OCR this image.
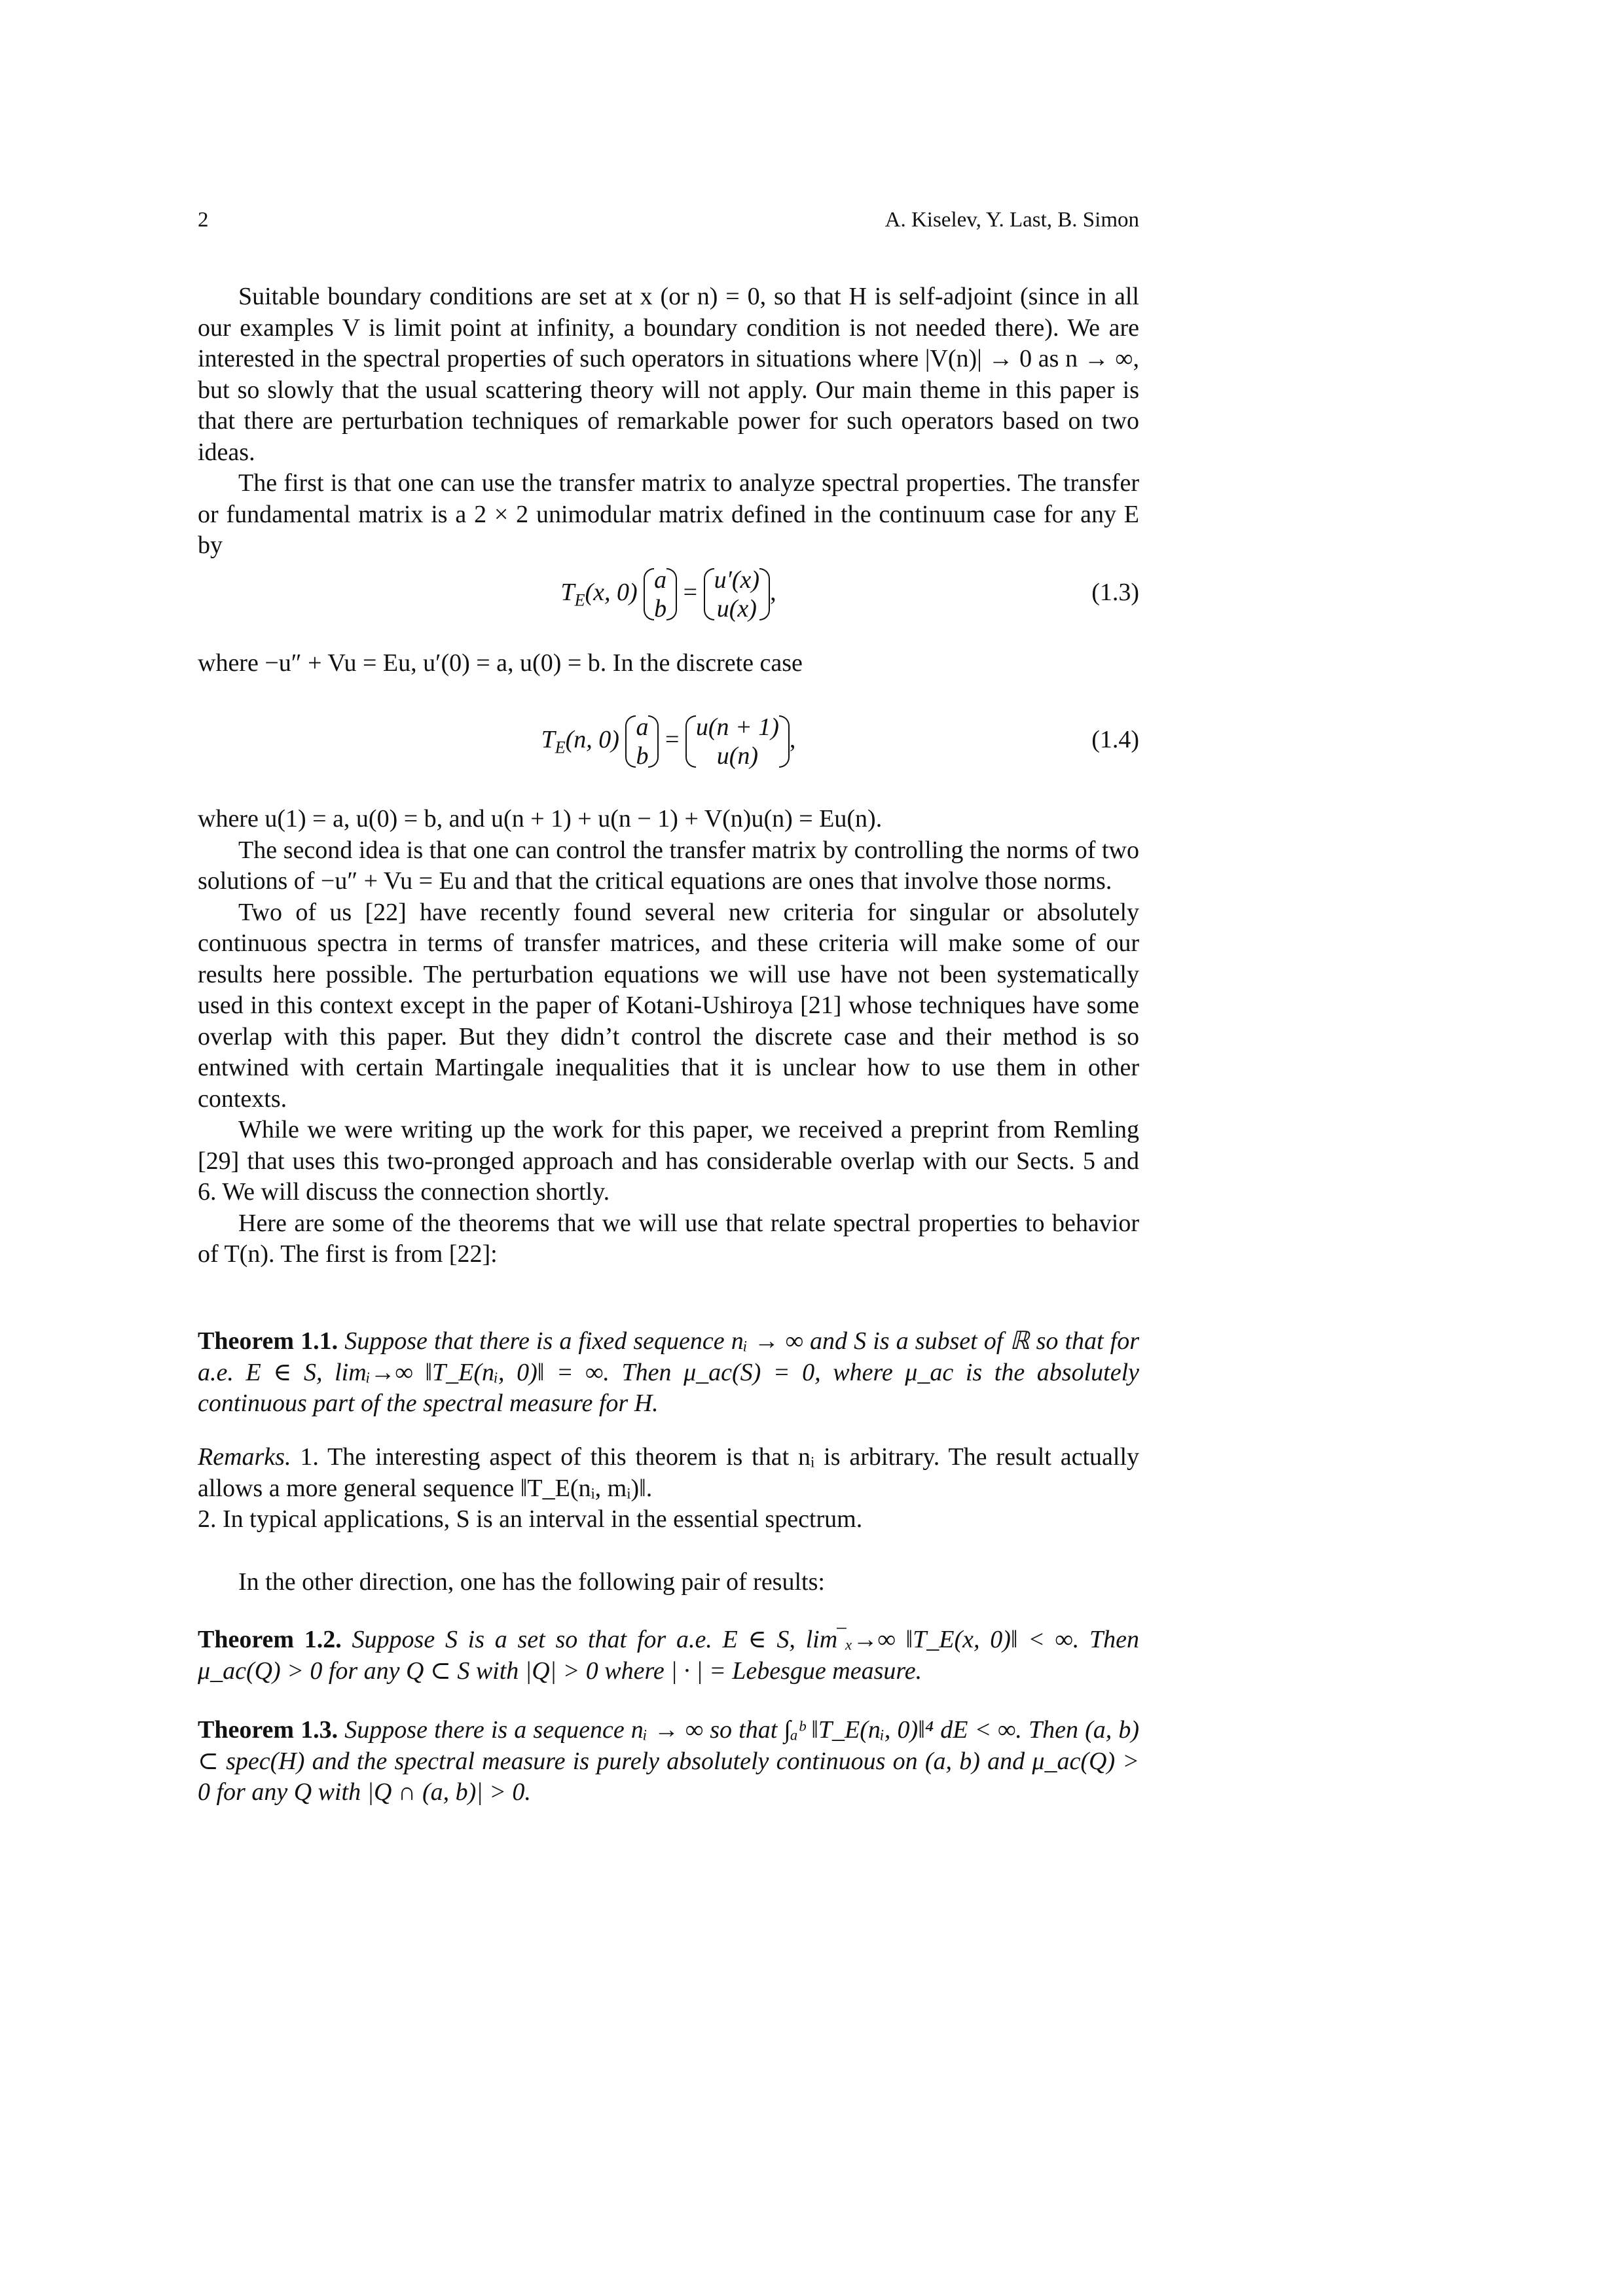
2	A. Kiselev, Y. Last, B. Simon

Suitable boundary conditions are set at x (or n) = 0, so that H is self-adjoint (since in all our examples V is limit point at infinity, a boundary condition is not needed there). We are interested in the spectral properties of such operators in situations where |V(n)| → 0 as n → ∞, but so slowly that the usual scattering theory will not apply. Our main theme in this paper is that there are perturbation techniques of remarkable power for such operators based on two ideas.

The first is that one can use the transfer matrix to analyze spectral properties. The transfer or fundamental matrix is a 2 × 2 unimodular matrix defined in the continuum case for any E by

$T_E(x$, 0) a
b
= u′(x)
u(x)
,	(1.3)

where −u″ + Vu = Eu, u′(0) = a, u(0) = b. In the discrete case

$T_E(n$, 0) a
b
= u(n + 1)
u(n)
,	(1.4)

where u(1) = a, u(0) = b, and u(n + 1) + u(n − 1) + V(n)u(n) = Eu(n).

The second idea is that one can control the transfer matrix by controlling the norms of two solutions of −u″ + Vu = Eu and that the critical equations are ones that involve those norms.

Two of us [22] have recently found several new criteria for singular or absolutely continuous spectra in terms of transfer matrices, and these criteria will make some of our results here possible. The perturbation equations we will use have not been systematically used in this context except in the paper of Kotani-Ushiroya [21] whose techniques have some overlap with this paper. But they didn’t control the discrete case and their method is so entwined with certain Martingale inequalities that it is unclear how to use them in other contexts.

While we were writing up the work for this paper, we received a preprint from Remling [29] that uses this two-pronged approach and has considerable overlap with our Sects. 5 and 6. We will discuss the connection shortly.

Here are some of the theorems that we will use that relate spectral properties to behavior of T(n). The first is from [22]:

Theorem 1.1. Suppose that there is a fixed sequence nᵢ → ∞ and S is a subset of ℝ so that for a.e. E ∈ S, limᵢ→∞ ‖T_E(nᵢ, 0)‖ = ∞. Then μ_ac(S) = 0, where μ_ac is the absolutely continuous part of the spectral measure for H.

Remarks. 1. The interesting aspect of this theorem is that nᵢ is arbitrary. The result actually allows a more general sequence ‖T_E(nᵢ, mᵢ)‖.

2. In typical applications, S is an interval in the essential spectrum.

In the other direction, one has the following pair of results:

Theorem 1.2. Suppose S is a set so that for a.e. E ∈ S, lim‾ₓ→∞ ‖T_E(x, 0)‖ < ∞. Then μ_ac(Q) > 0 for any Q ⊂ S with |Q| > 0 where | · | = Lebesgue measure.

Theorem 1.3. Suppose there is a sequence nᵢ → ∞ so that ∫ₐᵇ ‖T_E(nᵢ, 0)‖⁴ dE < ∞. Then (a, b) ⊂ spec(H) and the spectral measure is purely absolutely continuous on (a, b) and μ_ac(Q) > 0 for any Q with |Q ∩ (a, b)| > 0.
